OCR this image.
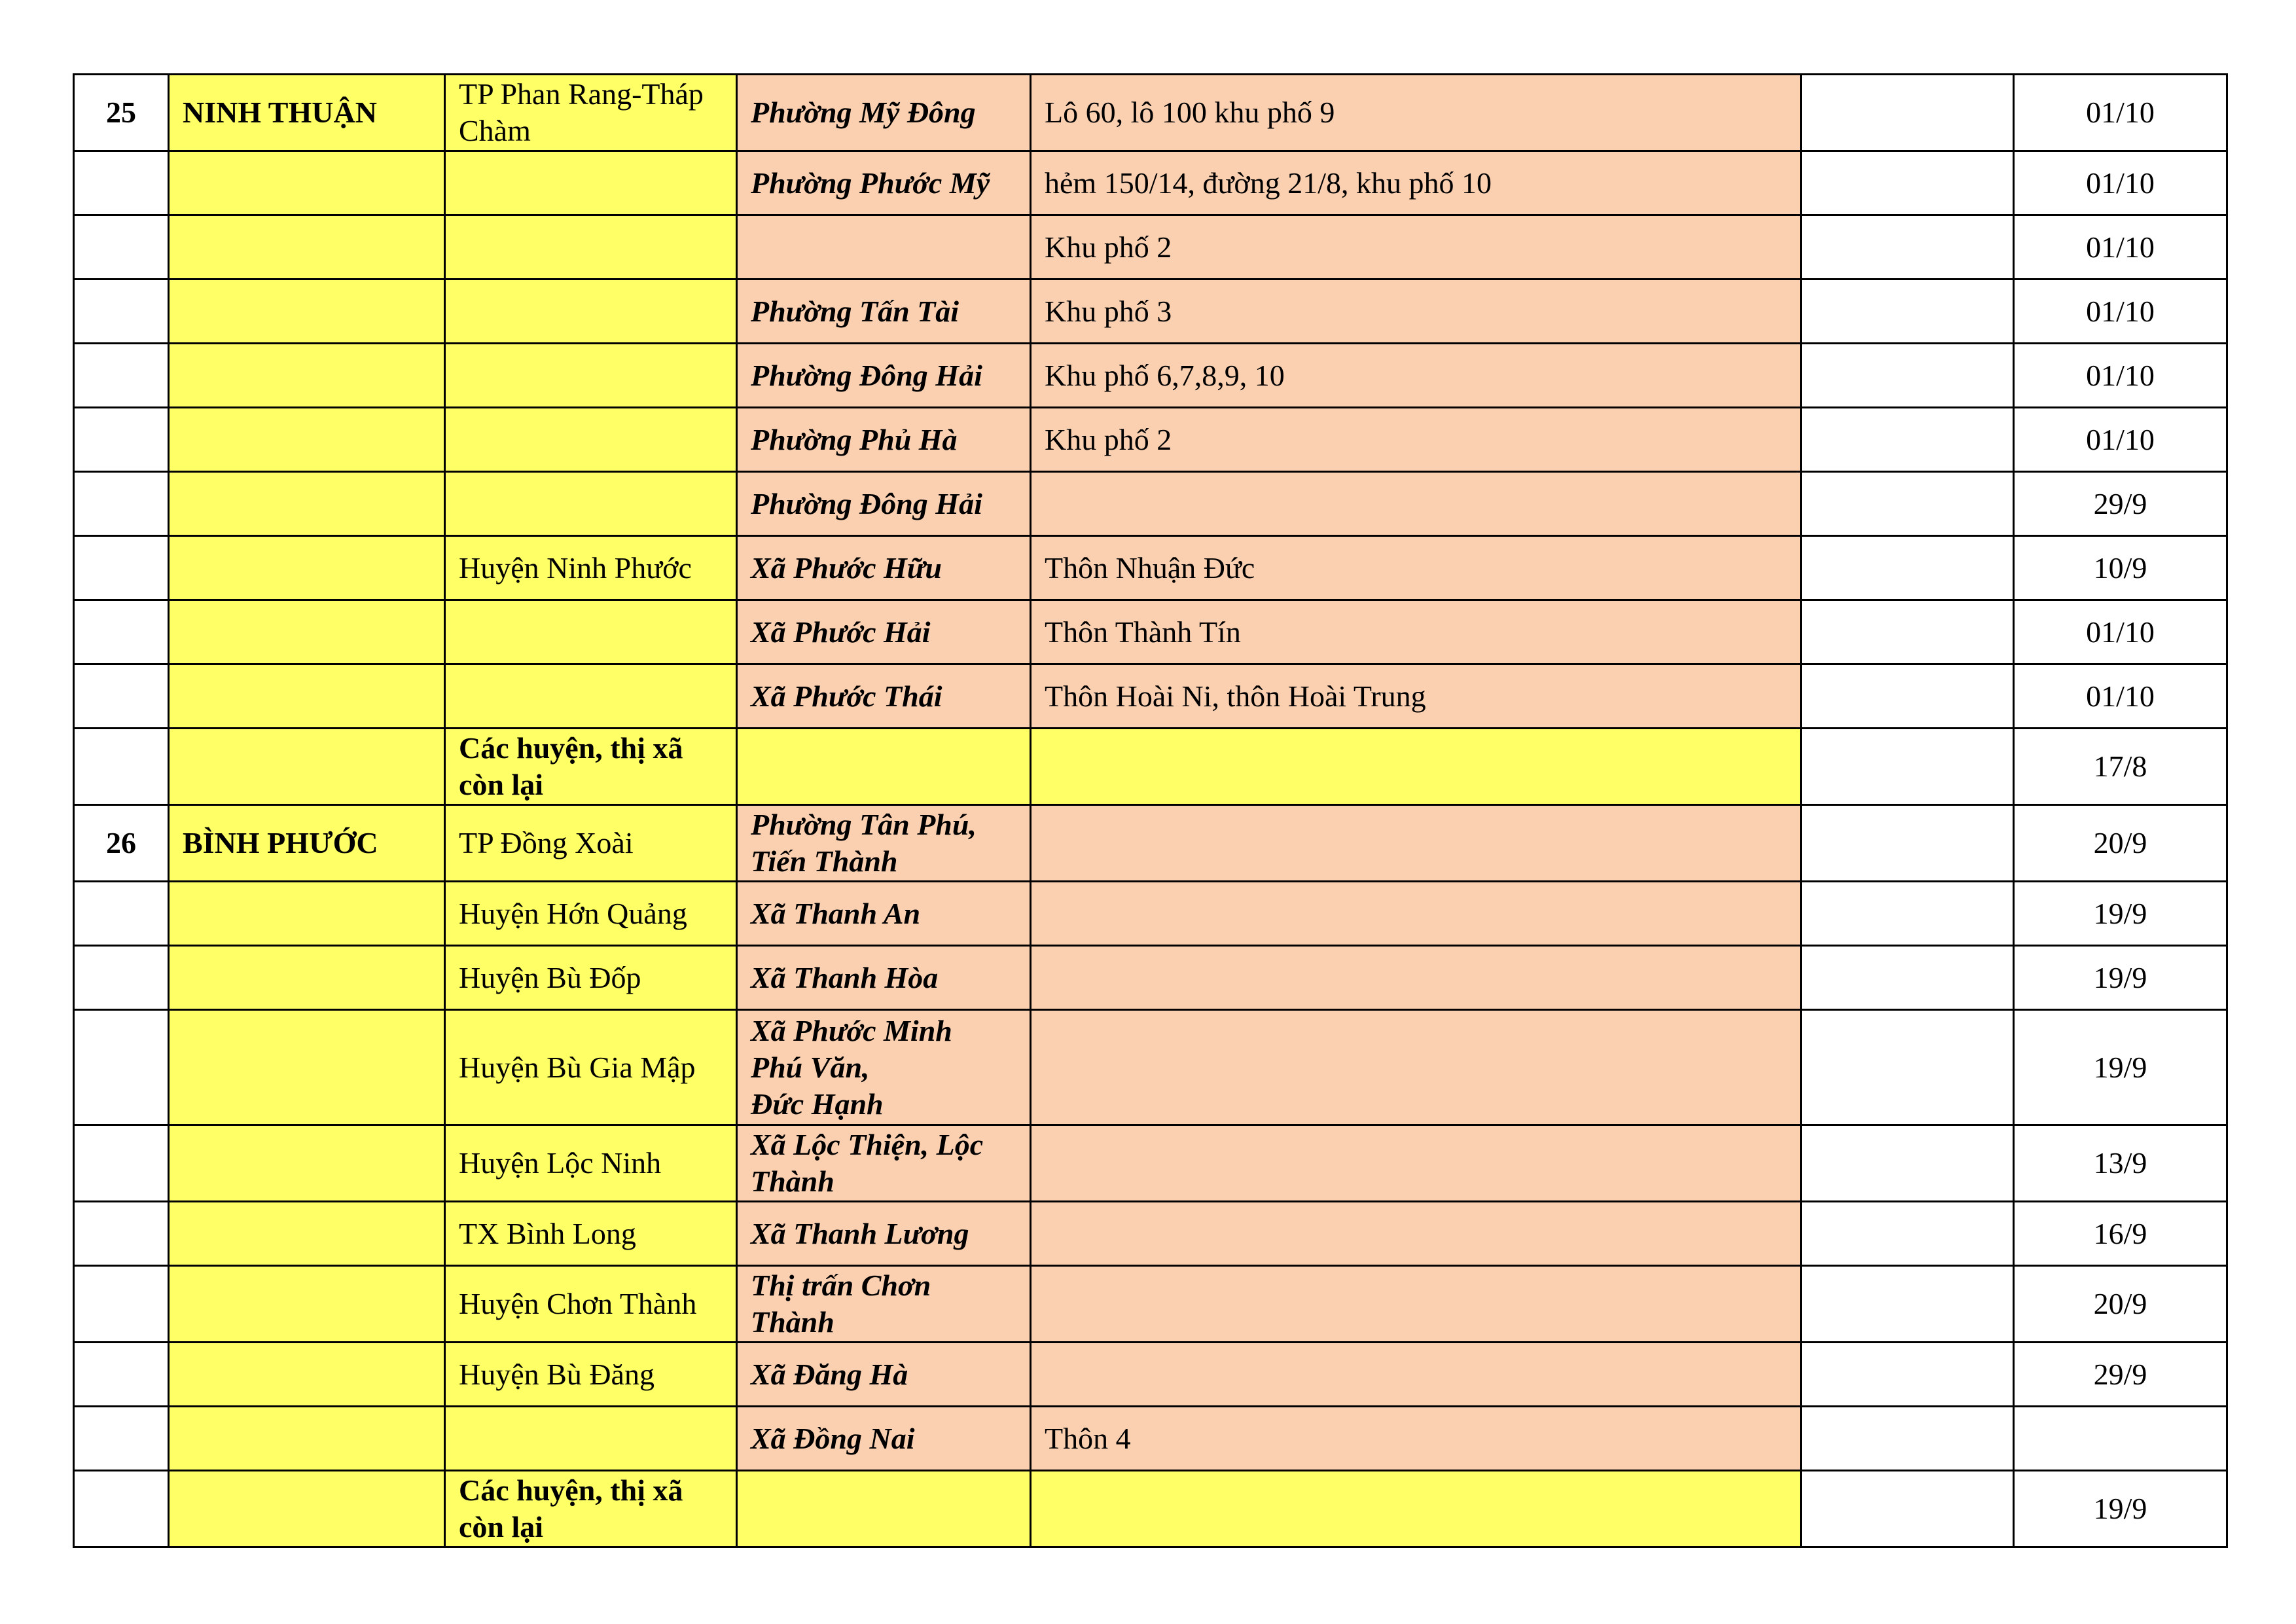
25	NINH THUẬN	TP Phan Rang-Tháp Chàm	Phường Mỹ Đông	Lô 60, lô 100 khu phố 9		01/10
			Phường Phước Mỹ	hẻm 150/14, đường 21/8, khu phố 10		01/10
				Khu phố 2		01/10
			Phường Tấn Tài	Khu phố 3		01/10
			Phường Đông Hải	Khu phố 6,7,8,9, 10		01/10
			Phường Phủ Hà	Khu phố 2		01/10
			Phường Đông Hải			29/9
		Huyện Ninh Phước	Xã Phước Hữu	Thôn Nhuận Đức		10/9
			Xã Phước Hải	Thôn Thành Tín		01/10
			Xã Phước Thái	Thôn Hoài Ni, thôn Hoài Trung		01/10
		Các huyện, thị xã còn lại				17/8
26	BÌNH PHƯỚC	TP Đồng Xoài	Phường Tân Phú, Tiến Thành			20/9
		Huyện Hớn Quảng	Xã Thanh An			19/9
		Huyện Bù Đốp	Xã Thanh Hòa			19/9
		Huyện Bù Gia Mập	Xã Phước Minh
Phú Văn,
Đức Hạnh			19/9
		Huyện Lộc Ninh	Xã Lộc Thiện, Lộc Thành			13/9
		TX Bình Long	Xã Thanh Lương			16/9
		Huyện Chơn Thành	Thị trấn Chơn Thành			20/9
		Huyện Bù Đăng	Xã Đăng Hà			29/9
			Xã Đồng Nai	Thôn 4		
		Các huyện, thị xã còn lại				19/9
